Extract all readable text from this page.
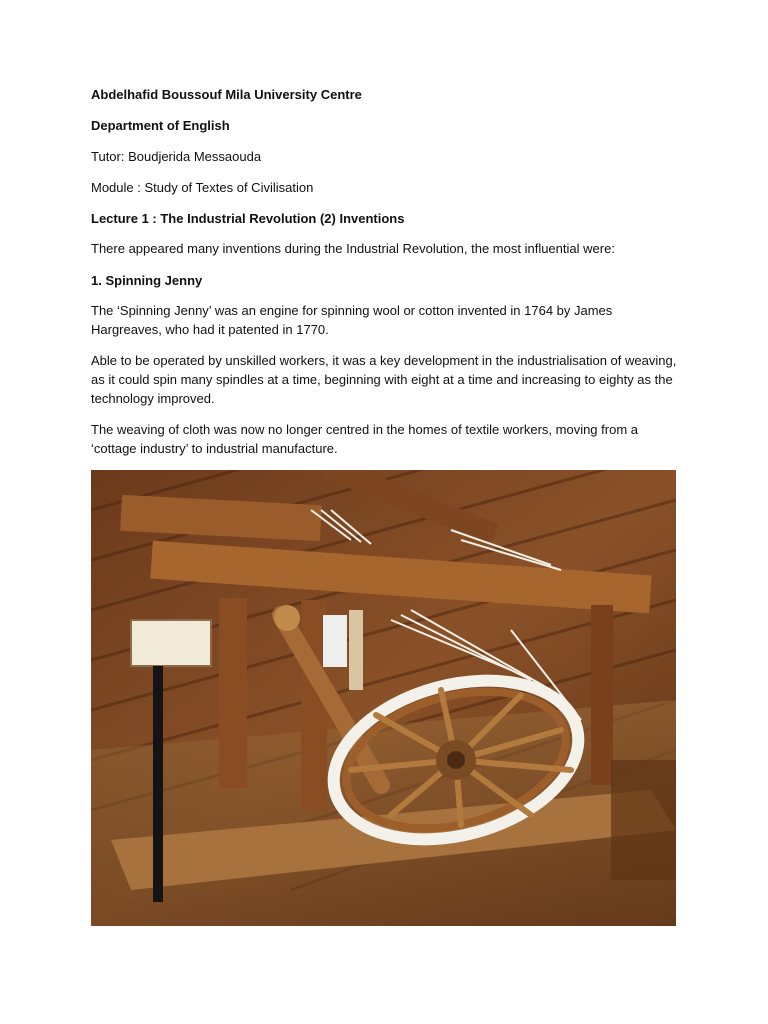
Abdelhafid Boussouf Mila University Centre

Department of English

Tutor: Boudjerida Messaouda

Module : Study of Textes of Civilisation

Lecture 1 : The Industrial Revolution (2) Inventions

There appeared many inventions during the Industrial Revolution, the most influential were:

1. Spinning Jenny

The ‘Spinning Jenny’ was an engine for spinning wool or cotton invented in 1764 by James Hargreaves, who had it patented in 1770.

Able to be operated by unskilled workers, it was a key development in the industrialisation of weaving, as it could spin many spindles at a time, beginning with eight at a time and increasing to eighty as the technology improved.

The weaving of cloth was now no longer centred in the homes of textile workers, moving from a ‘cottage industry’ to industrial manufacture.
